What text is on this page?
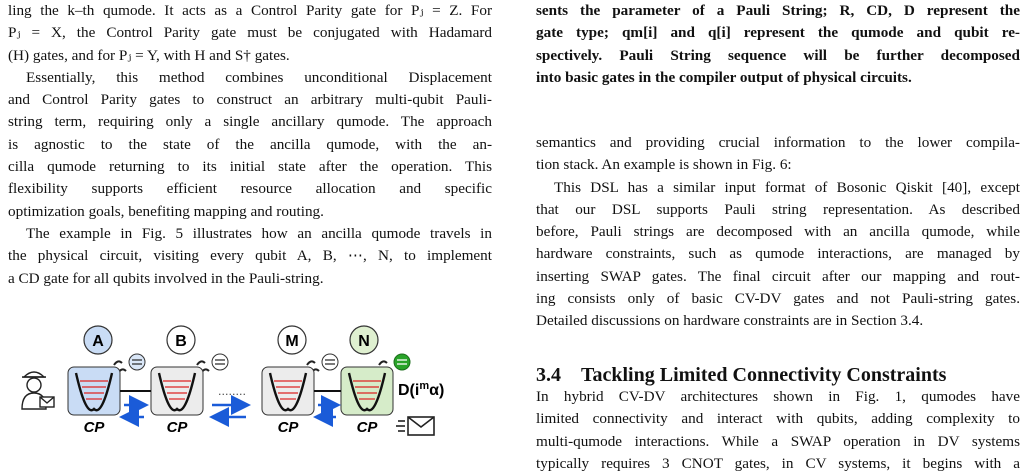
ling the k–th qumode. It acts as a Control Parity gate for Pⱼ = Z. For
Pⱼ = X, the Control Parity gate must be conjugated with Hadamard
(H) gates, and for Pⱼ = Y, with H and S† gates.

Essentially, this method combines unconditional Displacement
and Control Parity gates to construct an arbitrary multi-qubit Pauli-
string term, requiring only a single ancillary qumode. The approach
is agnostic to the state of the ancilla qumode, with the an-
cilla qumode returning to its initial state after the operation. This
flexibility supports efficient resource allocation and specific
optimization goals, benefiting mapping and routing.

The example in Fig. 5 illustrates how an ancilla qumode travels in
the physical circuit, visiting every qubit A, B, ⋯, N, to implement
a CD gate for all qubits involved in the Pauli-string.

A	B	M	N
........
CP	CP	CP	CP
$D(i^m\alpha)$
sents the parameter of a Pauli String; R, CD, D represent the
gate type; qm[i] and q[i] represent the qumode and qubit re-
spectively. Pauli String sequence will be further decomposed
into basic gates in the compiler output of physical circuits.

semantics and providing crucial information to the lower compila-
tion stack. An example is shown in Fig. 6:

This DSL has a similar input format of Bosonic Qiskit [40], except
that our DSL supports Pauli string representation. As described
before, Pauli strings are decomposed with an ancilla qumode, while
hardware constraints, such as qumode interactions, are managed by
inserting SWAP gates. The final circuit after our mapping and rout-
ing consists only of basic CV-DV gates and not Pauli-string gates.
Detailed discussions on hardware constraints are in Section 3.4.

3.4 Tackling Limited Connectivity Constraints

In hybrid CV-DV architectures shown in Fig. 1, qumodes have
limited connectivity and interact with qubits, adding complexity to
multi-qumode interactions. While a SWAP operation in DV systems
typically requires 3 CNOT gates, in CV systems, it begins with a
